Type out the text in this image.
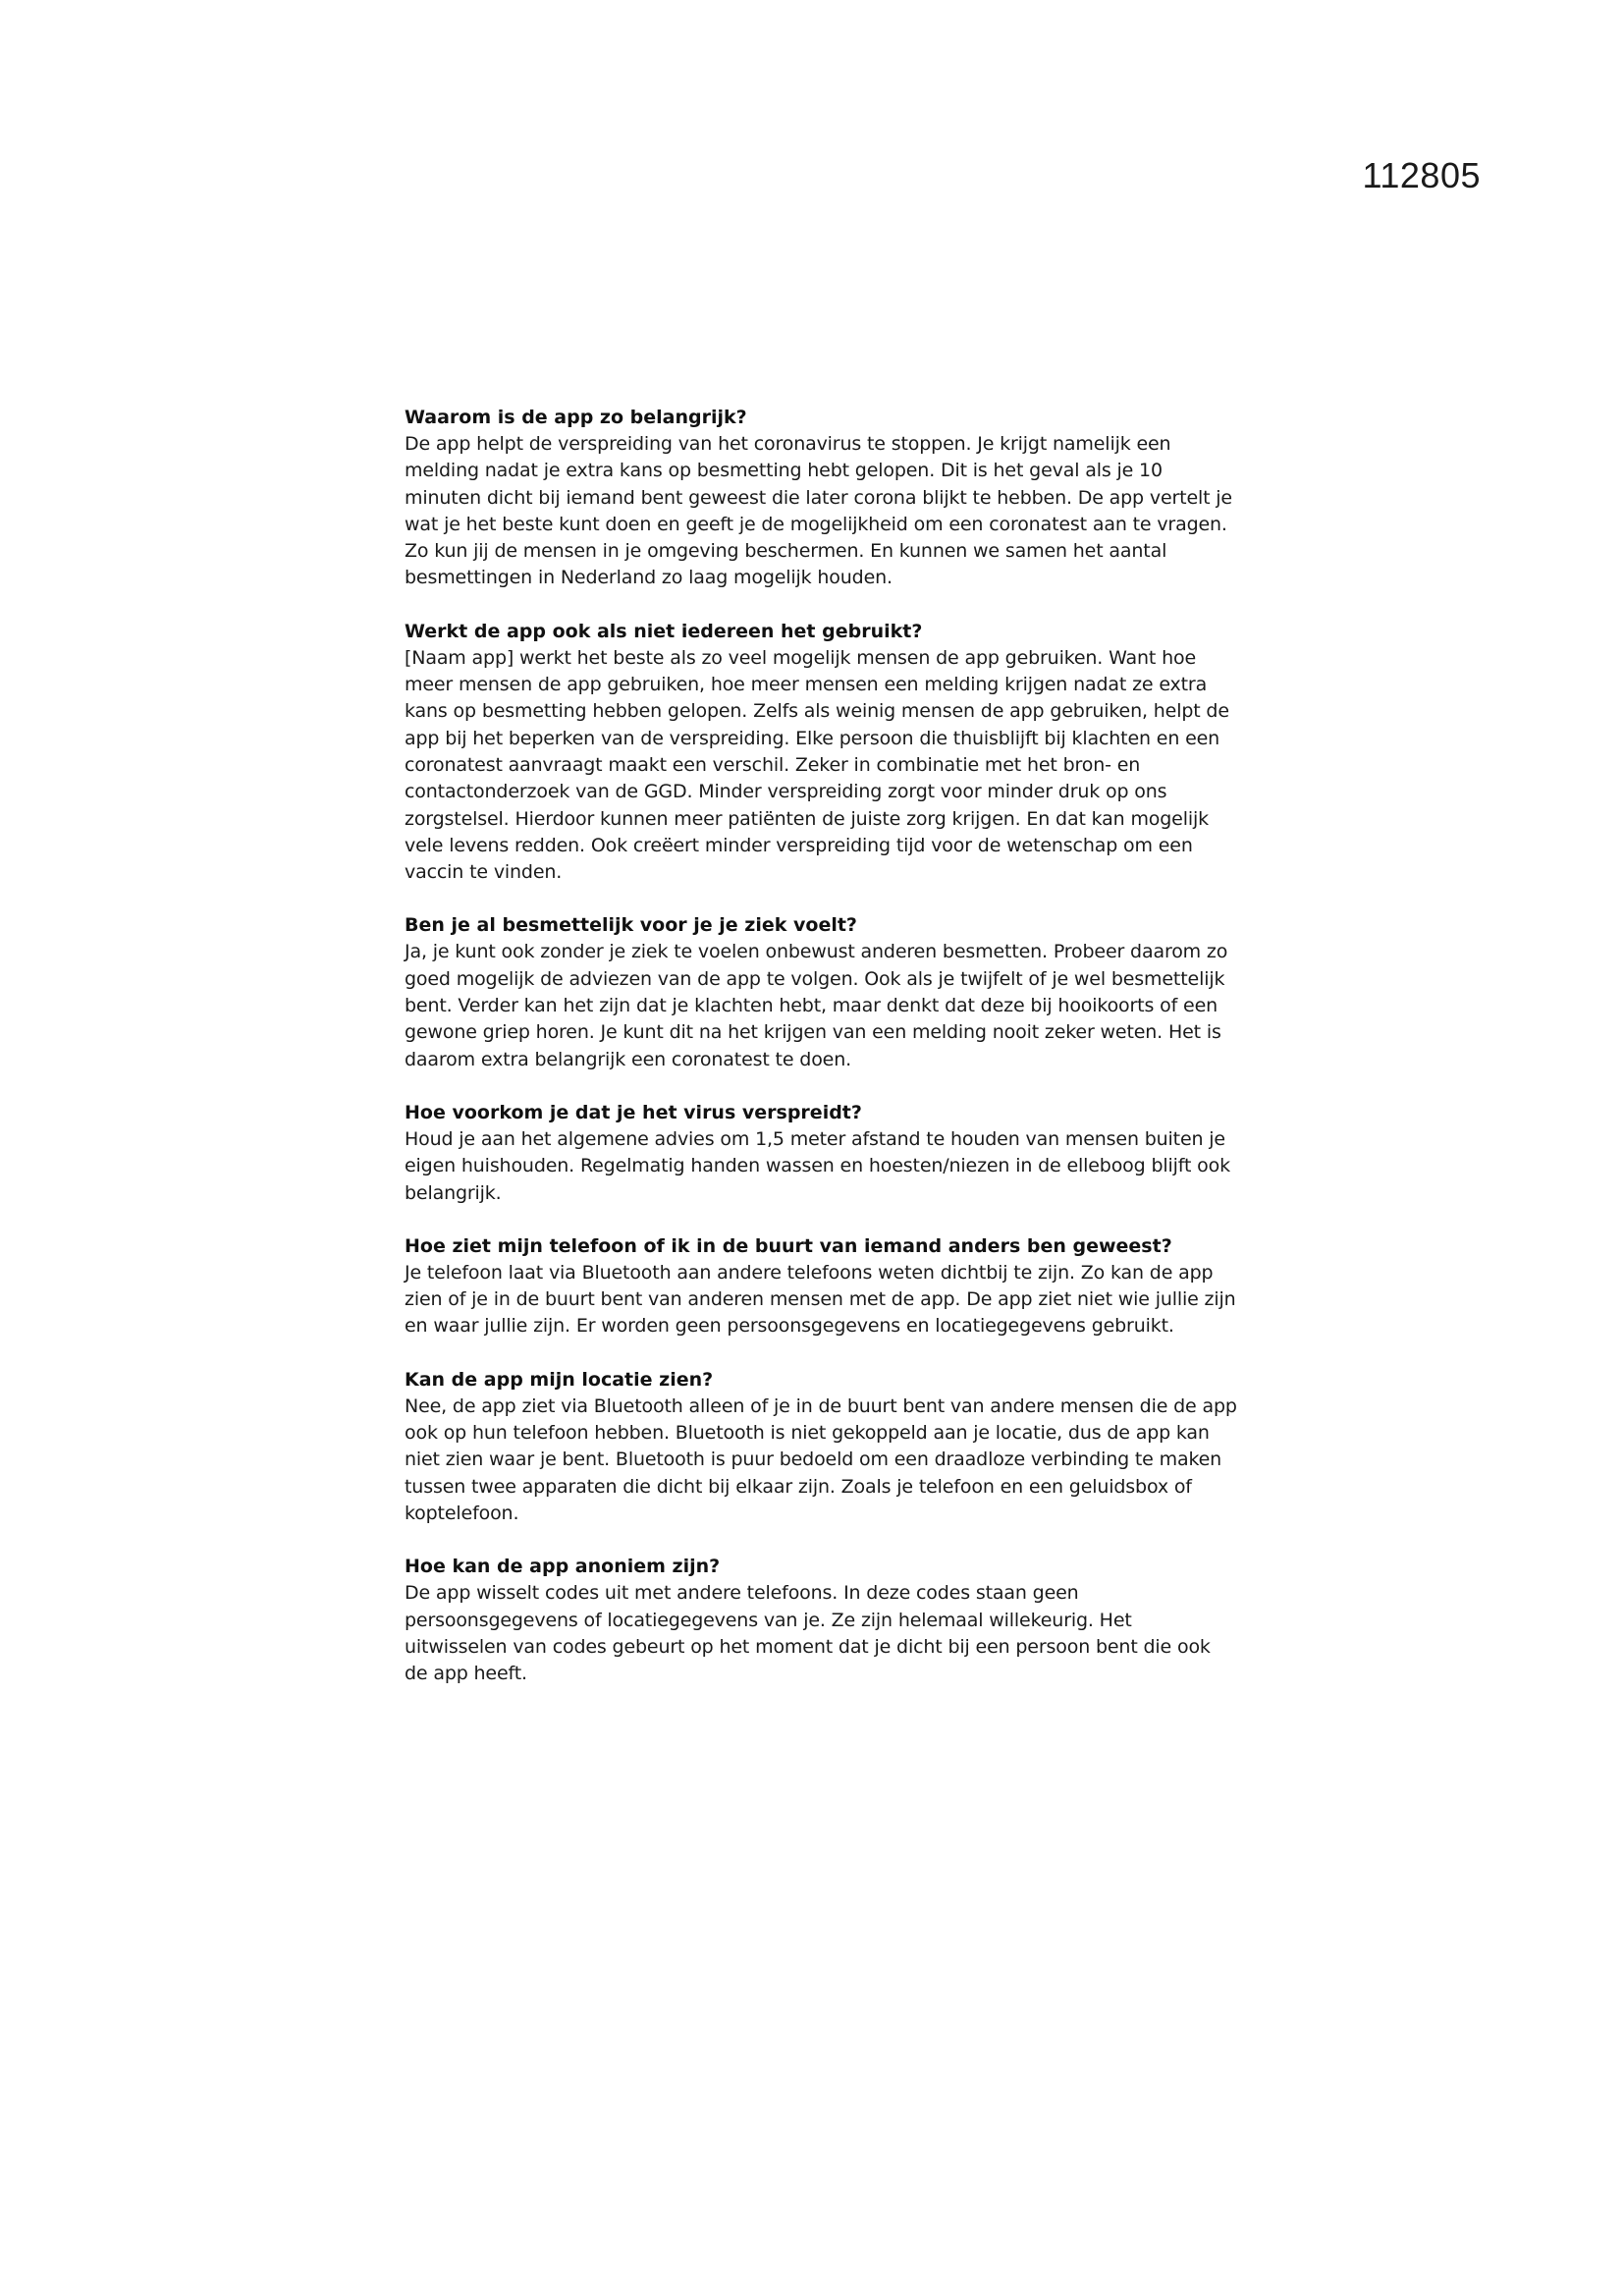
112805
Waarom is de app zo belangrijk?

De app helpt de verspreiding van het coronavirus te stoppen. Je krijgt namelijk een melding nadat je extra kans op besmetting hebt gelopen. Dit is het geval als je 10 minuten dicht bij iemand bent geweest die later corona blijkt te hebben. De app vertelt je wat je het beste kunt doen en geeft je de mogelijkheid om een coronatest aan te vragen. Zo kun jij de mensen in je omgeving beschermen. En kunnen we samen het aantal besmettingen in Nederland zo laag mogelijk houden.

Werkt de app ook als niet iedereen het gebruikt?

[Naam app] werkt het beste als zo veel mogelijk mensen de app gebruiken. Want hoe meer mensen de app gebruiken, hoe meer mensen een melding krijgen nadat ze extra kans op besmetting hebben gelopen. Zelfs als weinig mensen de app gebruiken, helpt de app bij het beperken van de verspreiding. Elke persoon die thuisblijft bij klachten en een coronatest aanvraagt maakt een verschil. Zeker in combinatie met het bron- en contactonderzoek van de GGD. Minder verspreiding zorgt voor minder druk op ons zorgstelsel. Hierdoor kunnen meer patiënten de juiste zorg krijgen. En dat kan mogelijk vele levens redden. Ook creëert minder verspreiding tijd voor de wetenschap om een vaccin te vinden.

Ben je al besmettelijk voor je je ziek voelt?

Ja, je kunt ook zonder je ziek te voelen onbewust anderen besmetten. Probeer daarom zo goed mogelijk de adviezen van de app te volgen. Ook als je twijfelt of je wel besmettelijk bent. Verder kan het zijn dat je klachten hebt, maar denkt dat deze bij hooikoorts of een gewone griep horen. Je kunt dit na het krijgen van een melding nooit zeker weten. Het is daarom extra belangrijk een coronatest te doen.

Hoe voorkom je dat je het virus verspreidt?

Houd je aan het algemene advies om 1,5 meter afstand te houden van mensen buiten je eigen huishouden. Regelmatig handen wassen en hoesten/niezen in de elleboog blijft ook belangrijk.

Hoe ziet mijn telefoon of ik in de buurt van iemand anders ben geweest?

Je telefoon laat via Bluetooth aan andere telefoons weten dichtbij te zijn. Zo kan de app zien of je in de buurt bent van anderen mensen met de app. De app ziet niet wie jullie zijn en waar jullie zijn. Er worden geen persoonsgegevens en locatiegegevens gebruikt.

Kan de app mijn locatie zien?

Nee, de app ziet via Bluetooth alleen of je in de buurt bent van andere mensen die de app ook op hun telefoon hebben. Bluetooth is niet gekoppeld aan je locatie, dus de app kan niet zien waar je bent. Bluetooth is puur bedoeld om een draadloze verbinding te maken tussen twee apparaten die dicht bij elkaar zijn. Zoals je telefoon en een geluidsbox of koptelefoon.

Hoe kan de app anoniem zijn?

De app wisselt codes uit met andere telefoons. In deze codes staan geen persoonsgegevens of locatiegegevens van je. Ze zijn helemaal willekeurig. Het uitwisselen van codes gebeurt op het moment dat je dicht bij een persoon bent die ook de app heeft.
